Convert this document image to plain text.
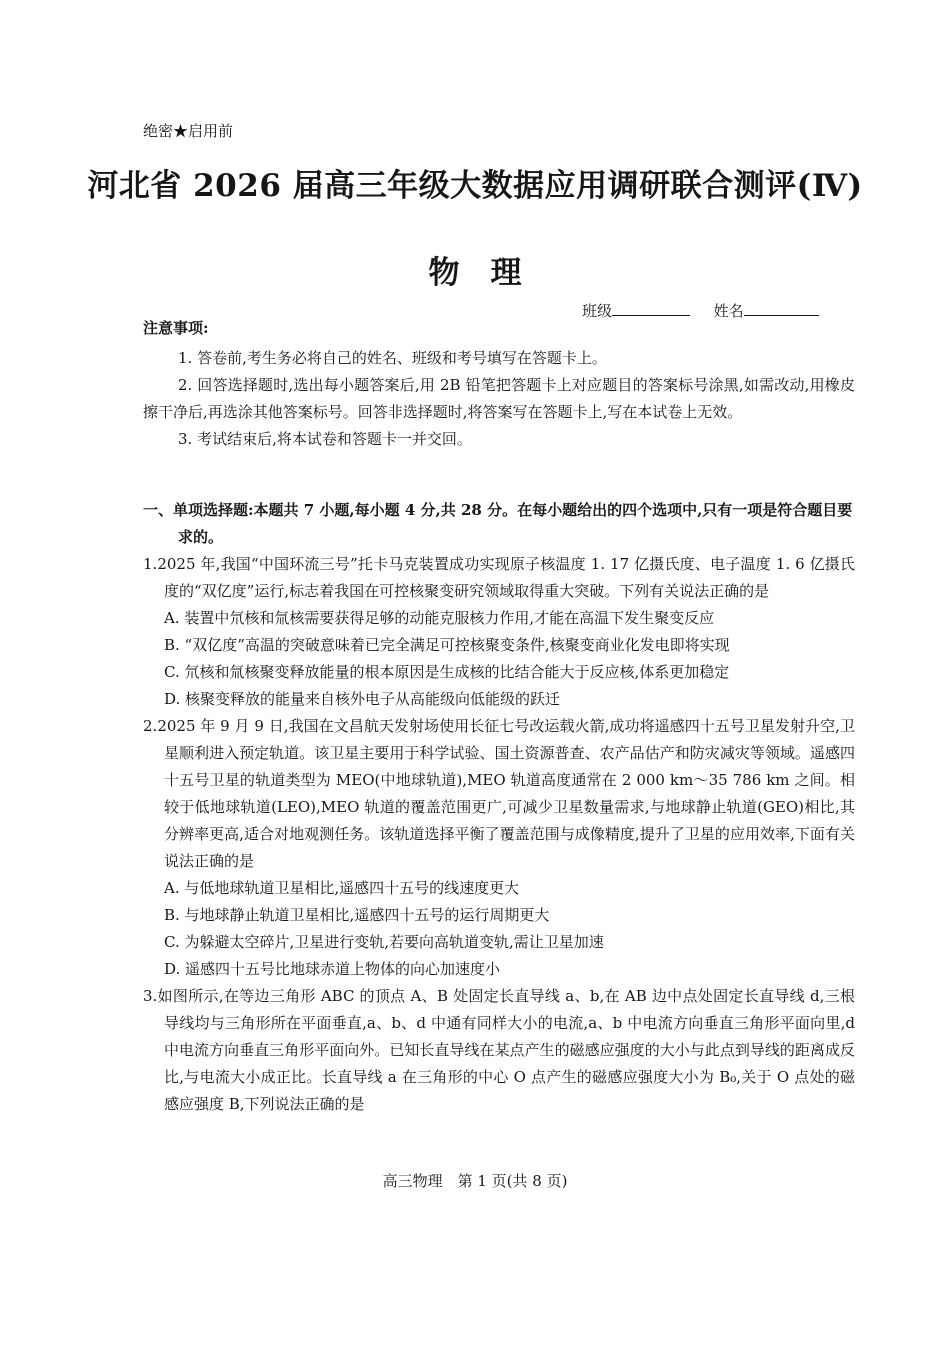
绝密★启用前
河北省 2026 届高三年级大数据应用调研联合测评(Ⅳ)
物　理
班级	姓名
注意事项:

1. 答卷前,考生务必将自己的姓名、班级和考号填写在答题卡上。

2. 回答选择题时,选出每小题答案后,用 2B 铅笔把答题卡上对应题目的答案标号涂黑,如需改动,用橡皮擦干净后,再选涂其他答案标号。回答非选择题时,将答案写在答题卡上,写在本试卷上无效。

3. 考试结束后,将本试卷和答题卡一并交回。

一、单项选择题:本题共 7 小题,每小题 4 分,共 28 分。在每小题给出的四个选项中,只有一项是符合题目要求的。

1.2025 年,我国“中国环流三号”托卡马克装置成功实现原子核温度 1. 17 亿摄氏度、电子温度 1. 6 亿摄氏度的“双亿度”运行,标志着我国在可控核聚变研究领域取得重大突破。下列有关说法正确的是

A. 装置中氘核和氚核需要获得足够的动能克服核力作用,才能在高温下发生聚变反应

B. “双亿度”高温的突破意味着已完全满足可控核聚变条件,核聚变商业化发电即将实现

C. 氘核和氚核聚变释放能量的根本原因是生成核的比结合能大于反应核,体系更加稳定

D. 核聚变释放的能量来自核外电子从高能级向低能级的跃迁

2.2025 年 9 月 9 日,我国在文昌航天发射场使用长征七号改运载火箭,成功将遥感四十五号卫星发射升空,卫星顺利进入预定轨道。该卫星主要用于科学试验、国土资源普查、农产品估产和防灾减灾等领域。遥感四十五号卫星的轨道类型为 MEO(中地球轨道),MEO 轨道高度通常在 2 000 km～35 786 km 之间。相较于低地球轨道(LEO),MEO 轨道的覆盖范围更广,可减少卫星数量需求,与地球静止轨道(GEO)相比,其分辨率更高,适合对地观测任务。该轨道选择平衡了覆盖范围与成像精度,提升了卫星的应用效率,下面有关说法正确的是

A. 与低地球轨道卫星相比,遥感四十五号的线速度更大

B. 与地球静止轨道卫星相比,遥感四十五号的运行周期更大

C. 为躲避太空碎片,卫星进行变轨,若要向高轨道变轨,需让卫星加速

D. 遥感四十五号比地球赤道上物体的向心加速度小

3.如图所示,在等边三角形 ABC 的顶点 A、B 处固定长直导线 a、b,在 AB 边中点处固定长直导线 d,三根导线均与三角形所在平面垂直,a、b、d 中通有同样大小的电流,a、b 中电流方向垂直三角形平面向里,d 中电流方向垂直三角形平面向外。已知长直导线在某点产生的磁感应强度的大小与此点到导线的距离成反比,与电流大小成正比。长直导线 a 在三角形的中心 O 点产生的磁感应强度大小为 B₀,关于 O 点处的磁感应强度 B,下列说法正确的是

高三物理　第 1 页(共 8 页)
